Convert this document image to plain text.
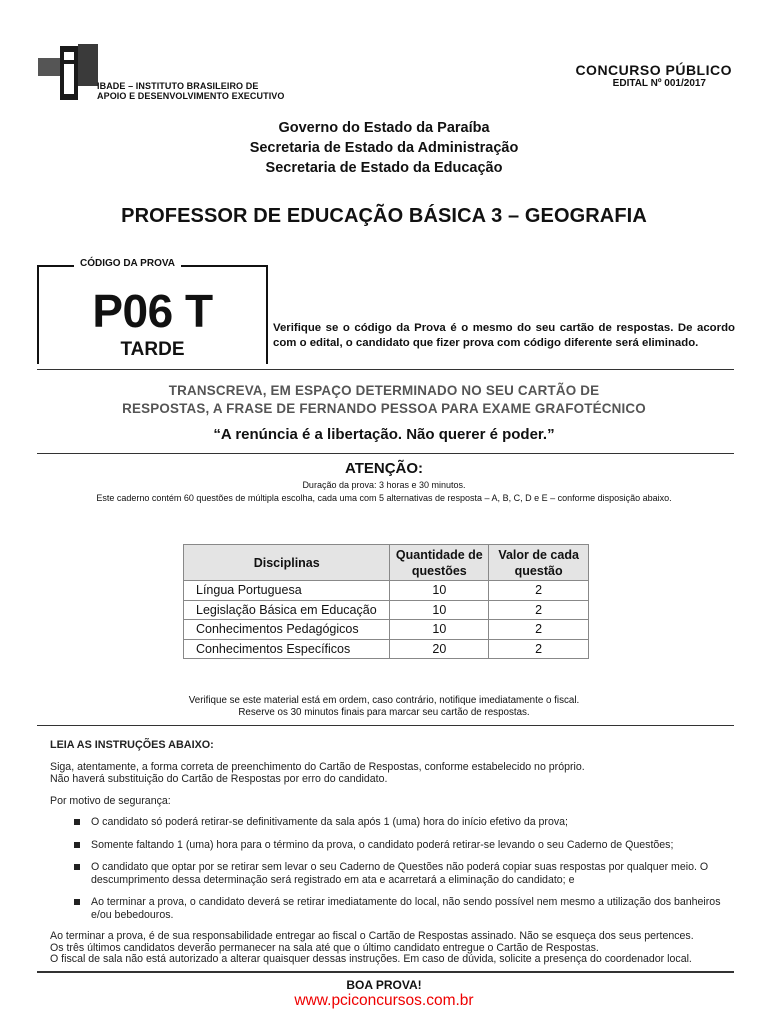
IBADE – INSTITUTO BRASILEIRO DE
APOIO E DESENVOLVIMENTO EXECUTIVO
CONCURSO PÚBLICO
EDITAL Nº 001/2017
Governo do Estado da Paraíba
Secretaria de Estado da Administração
Secretaria de Estado da Educação
PROFESSOR DE EDUCAÇÃO BÁSICA 3 – GEOGRAFIA
CÓDIGO DA PROVA
P06 T
TARDE
Verifique se o código da Prova é o mesmo do seu cartão de respostas. De acordo com o edital, o candidato que fizer prova com código diferente será eliminado.
TRANSCREVA, EM ESPAÇO DETERMINADO NO SEU CARTÃO DE
RESPOSTAS, A FRASE DE FERNANDO PESSOA PARA EXAME GRAFOTÉCNICO
“A renúncia é a libertação. Não querer é poder.”
ATENÇÃO:
Duração da prova: 3 horas e 30 minutos.
Este caderno contém 60 questões de múltipla escolha, cada uma com 5 alternativas de resposta – A, B, C, D e E – conforme disposição abaixo.
Disciplinas	Quantidade de questões	Valor de cada questão
Língua Portuguesa	10	2
Legislação Básica em Educação	10	2
Conhecimentos Pedagógicos	10	2
Conhecimentos Específicos	20	2
Verifique se este material está em ordem, caso contrário, notifique imediatamente o fiscal.
Reserve os 30 minutos finais para marcar seu cartão de respostas.
LEIA AS INSTRUÇÕES ABAIXO:

Siga, atentamente, a forma correta de preenchimento do Cartão de Respostas, conforme estabelecido no próprio.
Não haverá substituição do Cartão de Respostas por erro do candidato.

Por motivo de segurança:

O candidato só poderá retirar-se definitivamente da sala após 1 (uma) hora do início efetivo da prova;
Somente faltando 1 (uma) hora para o término da prova, o candidato poderá retirar-se levando o seu Caderno de Questões;
O candidato que optar por se retirar sem levar o seu Caderno de Questões não poderá copiar suas respostas por qualquer meio. O descumprimento dessa determinação será registrado em ata e acarretará a eliminação do candidato; e
Ao terminar a prova, o candidato deverá se retirar imediatamente do local, não sendo possível nem mesmo a utilização dos banheiros e/ou bebedouros.
Ao terminar a prova, é de sua responsabilidade entregar ao fiscal o Cartão de Respostas assinado. Não se esqueça dos seus pertences.
Os três últimos candidatos deverão permanecer na sala até que o último candidato entregue o Cartão de Respostas.
O fiscal de sala não está autorizado a alterar quaisquer dessas instruções. Em caso de dúvida, solicite a presença do coordenador local.
BOA PROVA!
www.pciconcursos.com.br
